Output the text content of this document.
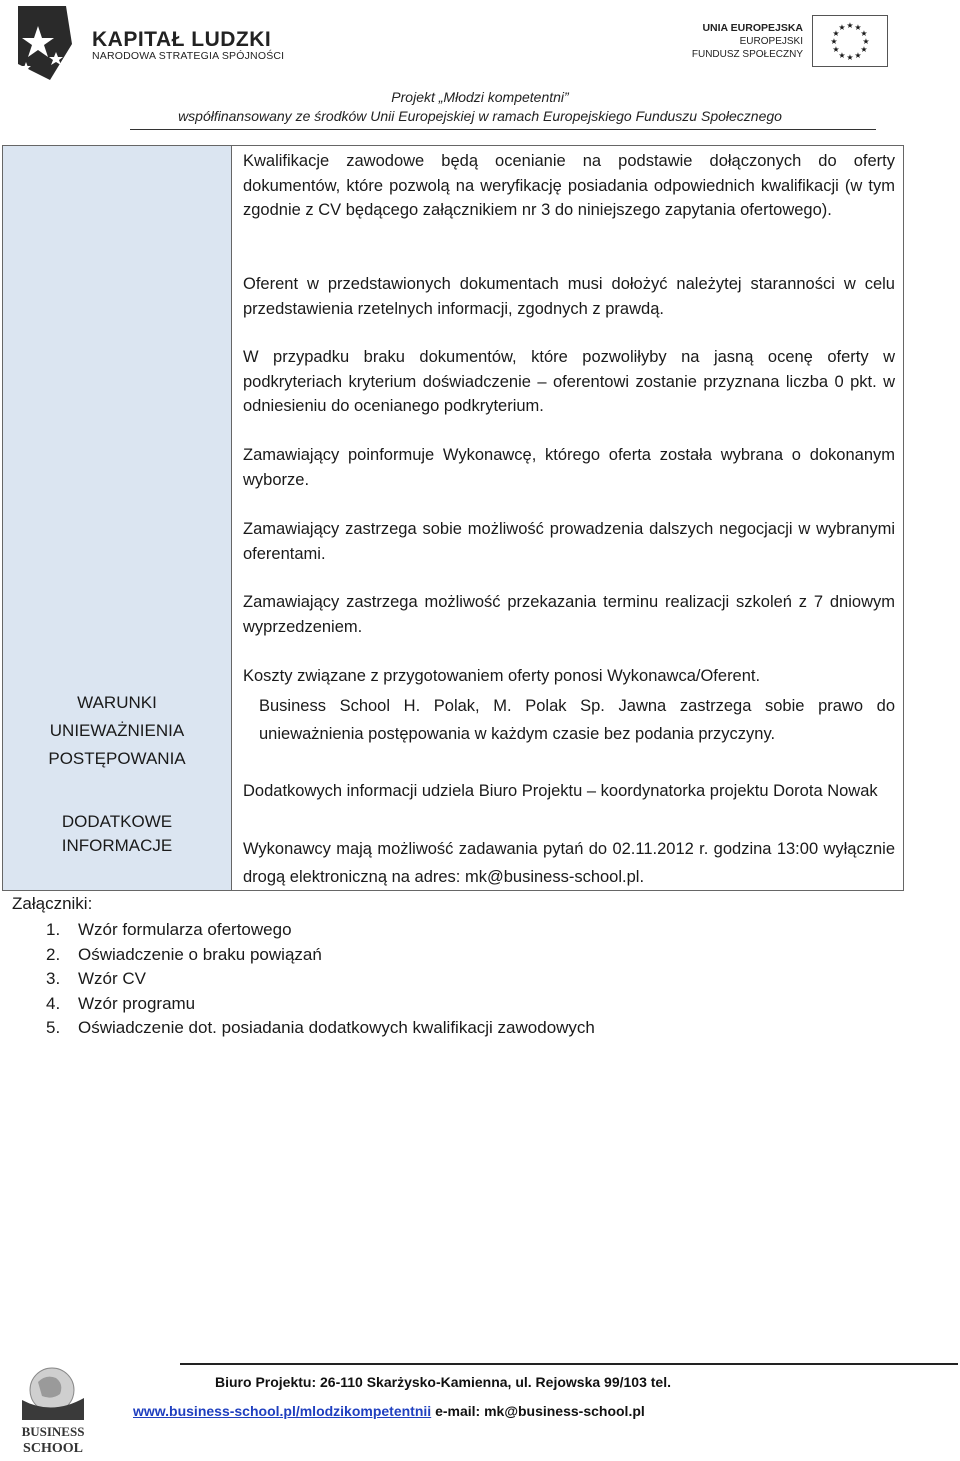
KAPITAŁ LUDZKI
NARODOWA STRATEGIA SPÓJNOŚCI
UNIA EUROPEJSKA
EUROPEJSKI
FUNDUSZ SPOŁECZNY
★ ★
★
★
★
★
★
★
★
★
★
★
Projekt „Młodzi kompetentni”
współfinansowany ze środków Unii Europejskiej w ramach Europejskiego Funduszu Społecznego
WARUNKI
UNIEWAŻNIENIA
POSTĘPOWANIA
DODATKOWE
INFORMACJE
Kwalifikacje zawodowe będą ocenianie na podstawie dołączonych do oferty dokumentów, które pozwolą na weryfikację posiadania odpowiednich kwalifikacji (w tym zgodnie z CV będącego załącznikiem nr 3 do niniejszego zapytania ofertowego).
Oferent w przedstawionych dokumentach musi dołożyć należytej staranności w celu przedstawienia rzetelnych informacji, zgodnych z prawdą.
W przypadku braku dokumentów, które pozwoliłyby na jasną ocenę oferty w podkryteriach kryterium doświadczenie – oferentowi zostanie przyznana liczba 0 pkt. w odniesieniu do ocenianego podkryterium.
Zamawiający poinformuje Wykonawcę, którego oferta została wybrana o dokonanym wyborze.
Zamawiający zastrzega sobie możliwość prowadzenia dalszych negocjacji w wybranymi oferentami.
Zamawiający zastrzega możliwość przekazania terminu realizacji szkoleń z 7 dniowym wyprzedzeniem.
Koszty związane z przygotowaniem oferty ponosi Wykonawca/Oferent.
Business School H. Polak, M. Polak Sp. Jawna zastrzega sobie prawo do unieważnienia postępowania w każdym czasie bez podania przyczyny.
Dodatkowych informacji udziela Biuro Projektu – koordynatorka projektu Dorota Nowak
Wykonawcy mają możliwość zadawania pytań do 02.11.2012 r. godzina 13:00 wyłącznie drogą elektroniczną na adres: mk@business-school.pl.
Załączniki:
1. Wzór formularza ofertowego
2. Oświadczenie o braku powiązań
3. Wzór CV
4. Wzór programu
5. Oświadczenie dot. posiadania dodatkowych kwalifikacji zawodowych
BUSINESS
SCHOOL
Biuro Projektu: 26-110 Skarżysko-Kamienna, ul. Rejowska 99/103 tel.
www.business-school.pl/mlodzikompetentnii e-mail: mk@business-school.pl
